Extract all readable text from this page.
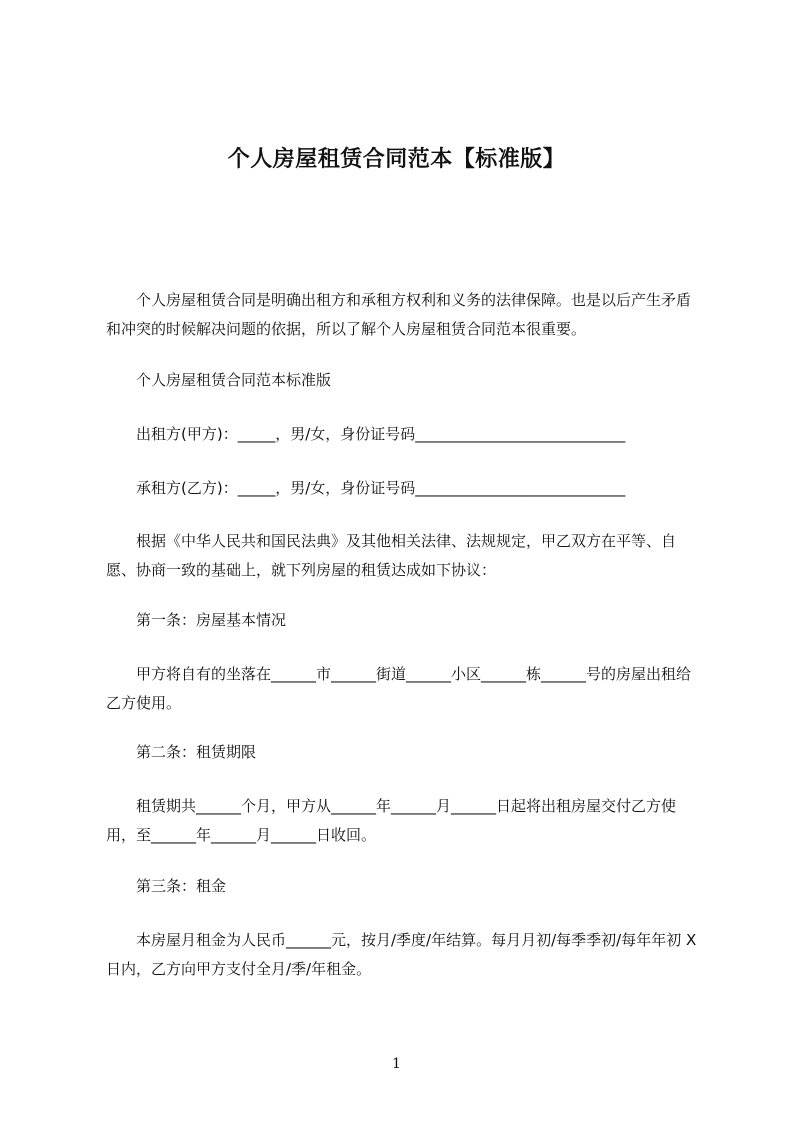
个人房屋租赁合同范本【标准版】

个人房屋租赁合同是明确出租方和承租方权利和义务的法律保障。也是以后产生矛盾和冲突的时候解决问题的依据，所以了解个人房屋租赁合同范本很重要。

个人房屋租赁合同范本标准版

出租方(甲方)：_____，男/女，身份证号码____________________________

承租方(乙方)：_____，男/女，身份证号码____________________________

根据《中华人民共和国民法典》及其他相关法律、法规规定，甲乙双方在平等、自愿、协商一致的基础上，就下列房屋的租赁达成如下协议：

第一条：房屋基本情况

甲方将自有的坐落在______市______街道______小区______栋______号的房屋出租给乙方使用。

第二条：租赁期限

租赁期共______个月，甲方从______年______月______日起将出租房屋交付乙方使用，至______年______月______日收回。

第三条：租金

本房屋月租金为人民币______元，按月/季度/年结算。每月月初/每季季初/每年年初 X 日内，乙方向甲方支付全月/季/年租金。

1
